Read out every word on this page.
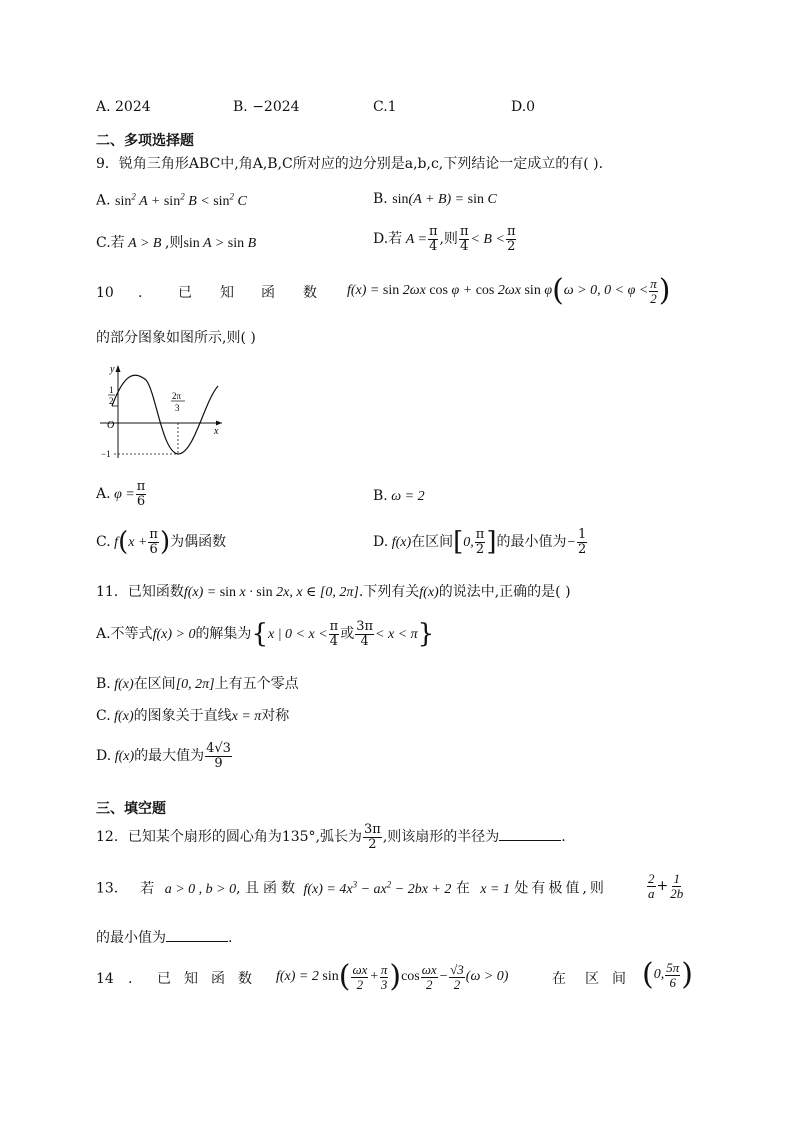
A. 2024	B. −2024	C.1	D.0
二、多项选择题
9．锐角三角形ABC中,角A,B,C所对应的边分别是a,b,c,下列结论一定成立的有( ).
A. $\sin^2 A + \sin^2 B < \sin^2 C$	B. sin(A + B) = sin C
C.若 A > B ,则sin A > sin B	D.若 $A = \frac{\pi}{4}$ ,则 $\frac{\pi}{4} < B < \frac{\pi}{2}$
10 .	已 知 函 数 f(x) = sin 2ωx cos φ + cos 2ωx sin φ(ω > 0, $0 < \varphi < \frac{\pi}{2}$ )
的部分图象如图所示,则( )
y
x
O
1
2
−1
2π
3
A. $\varphi = \frac{\pi}{6}$	B. ω = 2
C. $f(x + \frac{\pi}{6}$ )为偶函数	D. f(x)在区间[0, $\frac{\pi}{2}$ ]的最小值为− $\frac{1}{2}$
11．已知函数f(x) = sin x · sin 2x, x ∈ [0, 2π].下列有关f(x)的说法中,正确的是( )
A.不等式f(x) > 0的解集为{x | $0 < x < \frac{\pi}{4}$ 或 $\frac{3\pi}{4} < x < \pi$}
B. f(x)在区间[0, 2π]上有五个零点
C. f(x)的图象关于直线x = π对称
D. f(x)的最大值为 $\frac{4√3}{9}$
三、填空题
12．已知某个扇形的圆心角为135°,弧长为 $\frac{3\pi}{2}$ ,则该扇形的半径为	.
13． 若 a > 0 , b > 0, 且函数 $f(x) = 4x^3 - ax^2 - 2bx + 2$ 在 x = 1 处有极值,则	$\frac{2}{a} + \frac{1}{2b}$
的最小值为	.
14 . 已 知 函 数 f(x) = 2 $\sin( \frac{\omega x}{2} + \frac{\pi}{3} )\cos \frac{\omega x}{2} - \frac{√3}{2} (\omega > 0)$	在 区 间 (0, $\frac{5\pi}{6}$ )
